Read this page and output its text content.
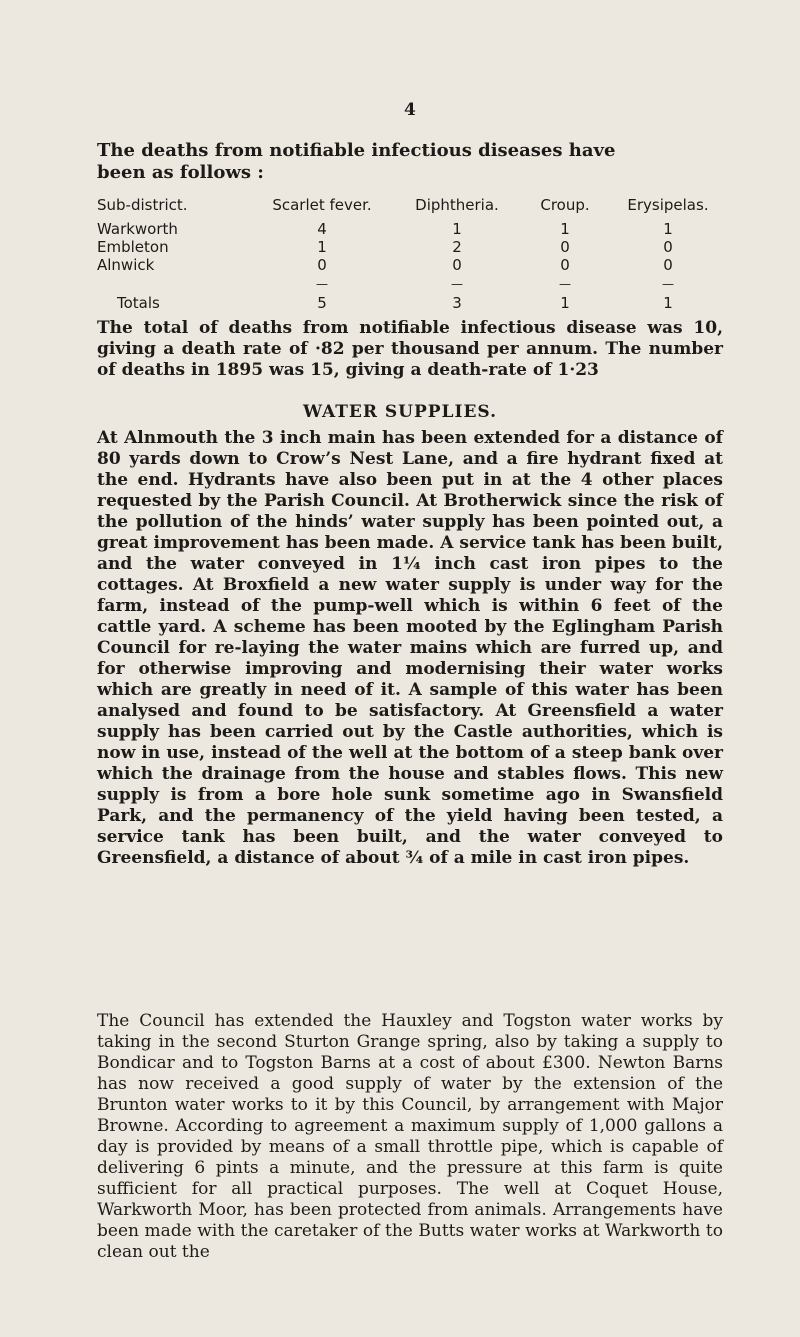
4
The deaths from notifiable infectious diseases have
been as follows :
Sub-district.	Scarlet fever.	Diphtheria.	Croup.	Erysipelas.
Warkworth	4	1	1	1
Embleton	1	2	0	0
Alnwick	0	0	0	0
	—	—	—	—
Totals	5	3	1	1
The total of deaths from notifiable infectious disease was 10, giving a death rate of ·82 per thousand per annum. The number of deaths in 1895 was 15, giving a death-rate of 1·23
WATER SUPPLIES.
At Alnmouth the 3 inch main has been extended for a distance of 80 yards down to Crow’s Nest Lane, and a fire hydrant fixed at the end. Hydrants have also been put in at the 4 other places requested by the Parish Council. At Brotherwick since the risk of the pollution of the hinds’ water supply has been pointed out, a great improvement has been made. A service tank has been built, and the water conveyed in 1¼ inch cast iron pipes to the cottages. At Broxfield a new water supply is under way for the farm, instead of the pump-well which is within 6 feet of the cattle yard. A scheme has been mooted by the Eglingham Parish Council for re-laying the water mains which are furred up, and for otherwise improving and modernising their water works which are greatly in need of it. A sample of this water has been analysed and found to be satisfactory. At Greensfield a water supply has been carried out by the Castle authorities, which is now in use, instead of the well at the bottom of a steep bank over which the drainage from the house and stables flows. This new supply is from a bore hole sunk sometime ago in Swansfield Park, and the permanency of the yield having been tested, a service tank has been built, and the water conveyed to Greensfield, a distance of about ¾ of a mile in cast iron pipes.
The Council has extended the Hauxley and Togston water works by taking in the second Sturton Grange spring, also by taking a supply to Bondicar and to Togston Barns at a cost of about £300. Newton Barns has now received a good supply of water by the extension of the Brunton water works to it by this Council, by arrangement with Major Browne. According to agreement a maximum supply of 1,000 gallons a day is provided by means of a small throttle pipe, which is capable of delivering 6 pints a minute, and the pressure at this farm is quite sufficient for all practical purposes. The well at Coquet House, Warkworth Moor, has been protected from animals. Arrangements have been made with the caretaker of the Butts water works at Warkworth to clean out the
